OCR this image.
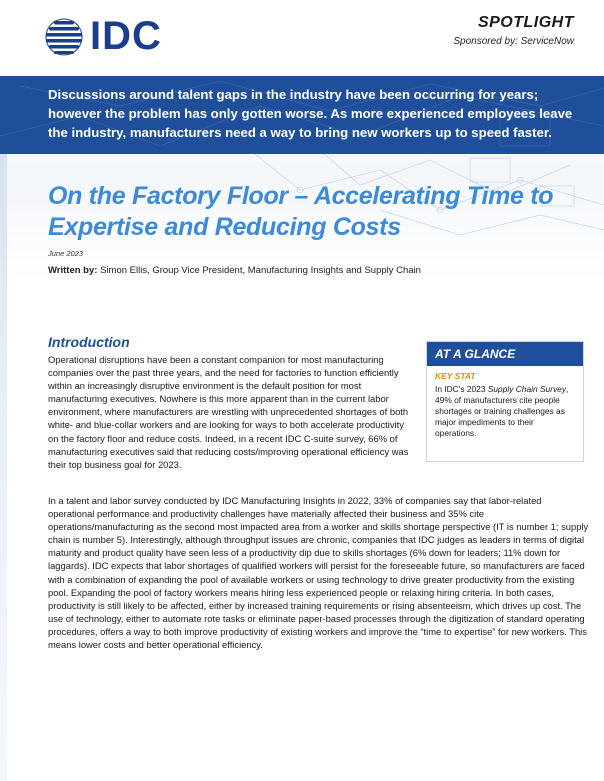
IDC	SPOTLIGHT
Sponsored by: ServiceNow
Discussions around talent gaps in the industry have been occurring for years; however the problem has only gotten worse. As more experienced employees leave the industry, manufacturers need a way to bring new workers up to speed faster.
On the Factory Floor – Accelerating Time to Expertise and Reducing Costs
June 2023
Written by: Simon Ellis, Group Vice President, Manufacturing Insights and Supply Chain
Introduction
Operational disruptions have been a constant companion for most manufacturing companies over the past three years, and the need for factories to function efficiently within an increasingly disruptive environment is the default position for most manufacturing executives. Nowhere is this more apparent than in the current labor environment, where manufacturers are wrestling with unprecedented shortages of both white- and blue-collar workers and are looking for ways to both accelerate productivity on the factory floor and reduce costs. Indeed, in a recent IDC C-suite survey, 66% of manufacturing executives said that reducing costs/improving operational efficiency was their top business goal for 2023.
AT A GLANCE
KEY STAT
In IDC's 2023 Supply Chain Survey, 49% of manufacturers cite people shortages or training challenges as major impediments to their operations.
In a talent and labor survey conducted by IDC Manufacturing Insights in 2022, 33% of companies say that labor-related operational performance and productivity challenges have materially affected their business and 35% cite operations/manufacturing as the second most impacted area from a worker and skills shortage perspective (IT is number 1; supply chain is number 5). Interestingly, although throughput issues are chronic, companies that IDC judges as leaders in terms of digital maturity and product quality have seen less of a productivity dip due to skills shortages (6% down for leaders; 11% down for laggards). IDC expects that labor shortages of qualified workers will persist for the foreseeable future, so manufacturers are faced with a combination of expanding the pool of available workers or using technology to drive greater productivity from the existing pool. Expanding the pool of factory workers means hiring less experienced people or relaxing hiring criteria. In both cases, productivity is still likely to be affected, either by increased training requirements or rising absenteeism, which drives up cost. The use of technology, either to automate rote tasks or eliminate paper-based processes through the digitization of standard operating procedures, offers a way to both improve productivity of existing workers and improve the “time to expertise” for new workers. This means lower costs and better operational efficiency.
